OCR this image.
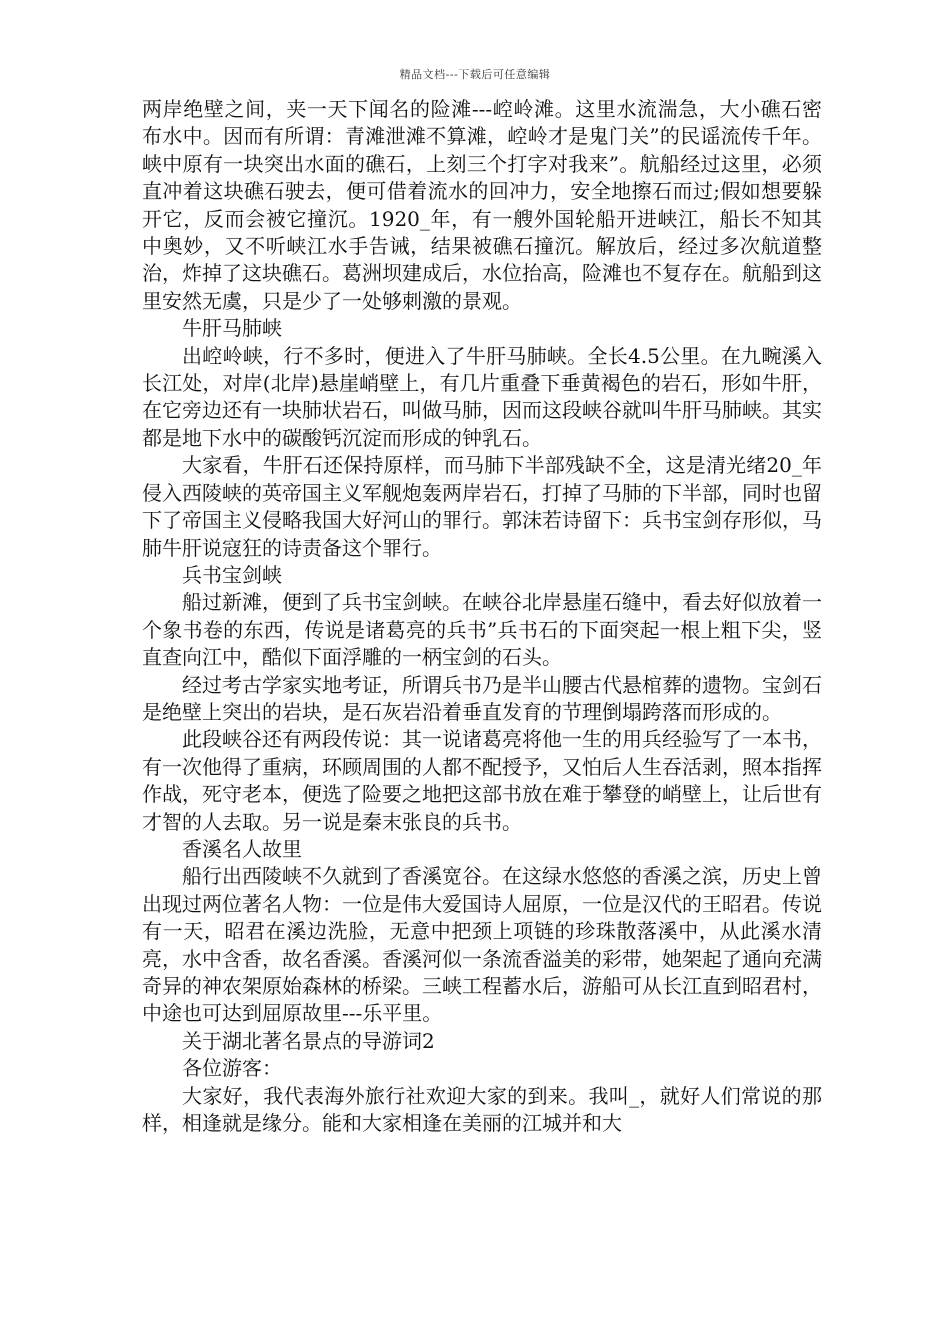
精品文档---下载后可任意编辑

两岸绝壁之间，夹一天下闻名的险滩---崆岭滩。这里水流湍急，大小礁石密布水中。因而有所谓：青滩泄滩不算滩，崆岭才是鬼门关”的民谣流传千年。峡中原有一块突出水面的礁石，上刻三个打字对我来”。航船经过这里，必须直冲着这块礁石驶去，便可借着流水的回冲力，安全地擦石而过;假如想要躲开它，反而会被它撞沉。1920_年，有一艘外国轮船开进峡江，船长不知其中奥妙，又不听峡江水手告诫，结果被礁石撞沉。解放后，经过多次航道整治，炸掉了这块礁石。葛洲坝建成后，水位抬高，险滩也不复存在。航船到这里安然无虞，只是少了一处够刺激的景观。

牛肝马肺峡

出崆岭峡，行不多时，便进入了牛肝马肺峡。全长4.5公里。在九畹溪入长江处，对岸(北岸)悬崖峭壁上，有几片重叠下垂黄褐色的岩石，形如牛肝，在它旁边还有一块肺状岩石，叫做马肺，因而这段峡谷就叫牛肝马肺峡。其实都是地下水中的碳酸钙沉淀而形成的钟乳石。

大家看，牛肝石还保持原样，而马肺下半部残缺不全，这是清光绪20_年侵入西陵峡的英帝国主义军舰炮轰两岸岩石，打掉了马肺的下半部，同时也留下了帝国主义侵略我国大好河山的罪行。郭沫若诗留下：兵书宝剑存形似，马肺牛肝说寇狂的诗责备这个罪行。

兵书宝剑峡

船过新滩，便到了兵书宝剑峡。在峡谷北岸悬崖石缝中，看去好似放着一个象书卷的东西，传说是诸葛亮的兵书”兵书石的下面突起一根上粗下尖，竖直查向江中，酷似下面浮雕的一柄宝剑的石头。

经过考古学家实地考证，所谓兵书乃是半山腰古代悬棺葬的遗物。宝剑石是绝壁上突出的岩块，是石灰岩沿着垂直发育的节理倒塌跨落而形成的。

此段峡谷还有两段传说：其一说诸葛亮将他一生的用兵经验写了一本书，有一次他得了重病，环顾周围的人都不配授予，又怕后人生吞活剥，照本指挥作战，死守老本，便选了险要之地把这部书放在难于攀登的峭壁上，让后世有才智的人去取。另一说是秦末张良的兵书。

香溪名人故里

船行出西陵峡不久就到了香溪宽谷。在这绿水悠悠的香溪之滨，历史上曾出现过两位著名人物：一位是伟大爱国诗人屈原，一位是汉代的王昭君。传说有一天，昭君在溪边洗脸，无意中把颈上项链的珍珠散落溪中，从此溪水清亮，水中含香，故名香溪。香溪河似一条流香溢美的彩带，她架起了通向充满奇异的神农架原始森林的桥梁。三峡工程蓄水后，游船可从长江直到昭君村，中途也可达到屈原故里---乐平里。

关于湖北著名景点的导游词2

各位游客：

大家好，我代表海外旅行社欢迎大家的到来。我叫_，就好人们常说的那样，相逢就是缘分。能和大家相逢在美丽的江城并和大
